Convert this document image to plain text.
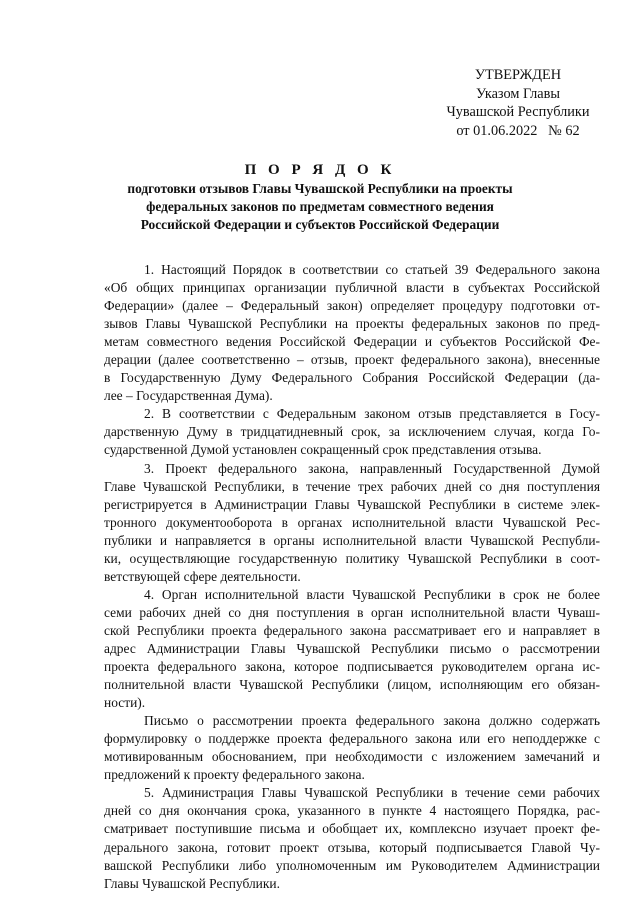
УТВЕРЖДЕН
Указом Главы
Чувашской Республики
от 01.06.2022   № 62
П О Р Я Д О К
подготовки отзывов Главы Чувашской Республики на проекты
федеральных законов по предметам совместного ведения
Российской Федерации и субъектов Российской Федерации
1. Настоящий Порядок в соответствии со статьей 39 Федерального закона
«Об общих принципах организации публичной власти в субъектах Российской
Федерации» (далее – Федеральный закон) определяет процедуру подготовки от-
зывов Главы Чувашской Республики на проекты федеральных законов по пред-
метам совместного ведения Российской Федерации и субъектов Российской Фе-
дерации (далее соответственно – отзыв, проект федерального закона), внесенные
в Государственную Думу Федерального Собрания Российской Федерации (да-
лее – Государственная Дума).
2. В соответствии с Федеральным законом отзыв представляется в Госу-
дарственную Думу в тридцатидневный срок, за исключением случая, когда Го-
сударственной Думой установлен сокращенный срок представления отзыва.
3. Проект федерального закона, направленный Государственной Думой
Главе Чувашской Республики, в течение трех рабочих дней со дня поступления
регистрируется в Администрации Главы Чувашской Республики в системе элек-
тронного документооборота в органах исполнительной власти Чувашской Рес-
публики и направляется в органы исполнительной власти Чувашской Республи-
ки, осуществляющие государственную политику Чувашской Республики в соот-
ветствующей сфере деятельности.
4. Орган исполнительной власти Чувашской Республики в срок не более
семи рабочих дней со дня поступления в орган исполнительной власти Чуваш-
ской Республики проекта федерального закона рассматривает его и направляет в
адрес Администрации Главы Чувашской Республики письмо о рассмотрении
проекта федерального закона, которое подписывается руководителем органа ис-
полнительной власти Чувашской Республики (лицом, исполняющим его обязан-
ности).
Письмо о рассмотрении проекта федерального закона должно содержать
формулировку о поддержке проекта федерального закона или его неподдержке с
мотивированным обоснованием, при необходимости с изложением замечаний и
предложений к проекту федерального закона.
5. Администрация Главы Чувашской Республики в течение семи рабочих
дней со дня окончания срока, указанного в пункте 4 настоящего Порядка, рас-
сматривает поступившие письма и обобщает их, комплексно изучает проект фе-
дерального закона, готовит проект отзыва, который подписывается Главой Чу-
вашской Республики либо уполномоченным им Руководителем Администрации
Главы Чувашской Республики.
